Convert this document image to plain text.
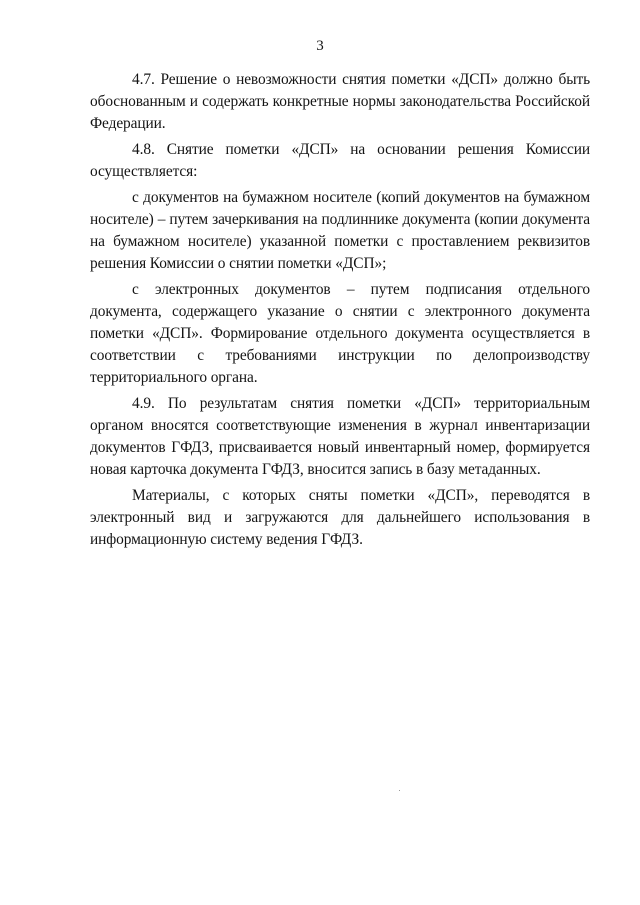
3

4.7. Решение о невозможности снятия пометки «ДСП» должно быть обоснованным и содержать конкретные нормы законодательства Российской Федерации.

4.8. Снятие пометки «ДСП» на основании решения Комиссии осуществляется:

с документов на бумажном носителе (копий документов на бумажном носителе) – путем зачеркивания на подлиннике документа (копии документа на бумажном носителе) указанной пометки с проставлением реквизитов решения Комиссии о снятии пометки «ДСП»;

с электронных документов – путем подписания отдельного документа, содержащего указание о снятии с электронного документа пометки «ДСП». Формирование отдельного документа осуществляется в соответствии с требованиями инструкции по делопроизводству территориального органа.

4.9. По результатам снятия пометки «ДСП» территориальным органом вносятся соответствующие изменения в журнал инвентаризации документов ГФДЗ, присваивается новый инвентарный номер, формируется новая карточка документа ГФДЗ, вносится запись в базу метаданных.

Материалы, с которых сняты пометки «ДСП», переводятся в электронный вид и загружаются для дальнейшего использования в информационную систему ведения ГФДЗ.
